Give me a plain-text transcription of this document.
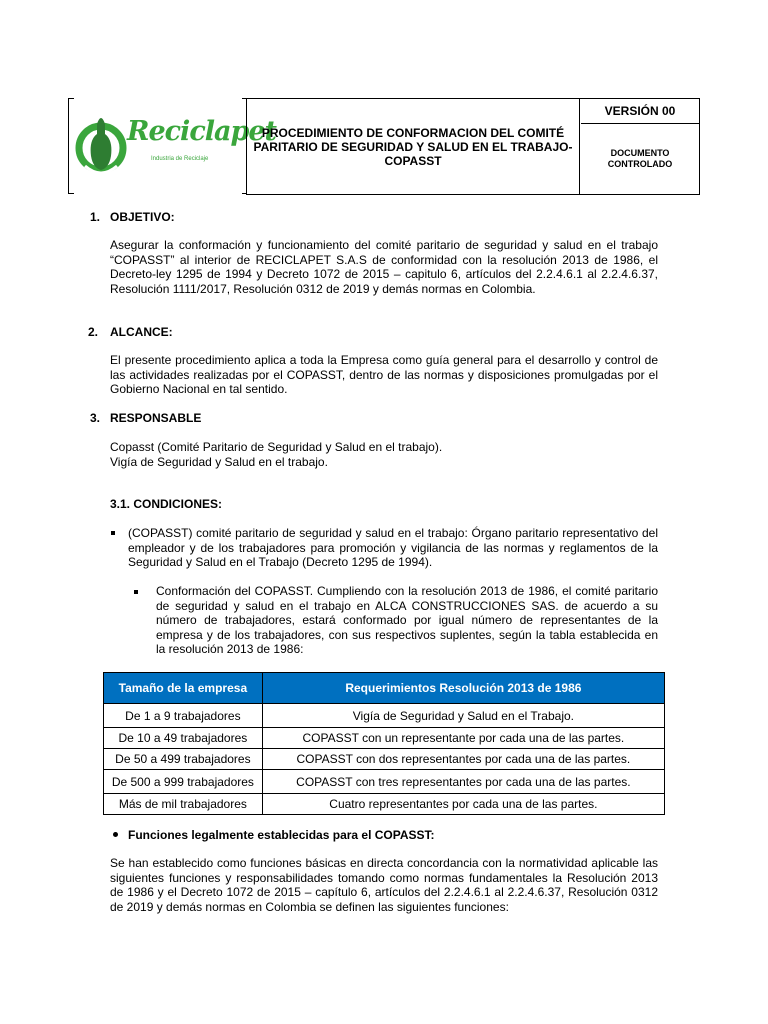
Reciclapet
Industria de Reciclaje
PROCEDIMIENTO DE CONFORMACION DEL COMITÉ PARITARIO DE SEGURIDAD Y SALUD EN EL TRABAJO-COPASST
VERSIÓN 00
DOCUMENTO
CONTROLADO
1. OBJETIVO:
Asegurar la conformación y funcionamiento del comité paritario de seguridad y salud en el trabajo “COPASST” al interior de RECICLAPET S.A.S de conformidad con la resolución 2013 de 1986, el Decreto-ley 1295 de 1994 y Decreto 1072 de 2015 – capitulo 6, artículos del 2.2.4.6.1 al 2.2.4.6.37, Resolución 1111/2017, Resolución 0312 de 2019 y demás normas en Colombia.
2. ALCANCE:
El presente procedimiento aplica a toda la Empresa como guía general para el desarrollo y control de las actividades realizadas por el COPASST, dentro de las normas y disposiciones promulgadas por el Gobierno Nacional en tal sentido.
3. RESPONSABLE
Copasst (Comité Paritario de Seguridad y Salud en el trabajo).
Vigía de Seguridad y Salud en el trabajo.
3.1. CONDICIONES:
(COPASST) comité paritario de seguridad y salud en el trabajo: Órgano paritario representativo del empleador y de los trabajadores para promoción y vigilancia de las normas y reglamentos de la Seguridad y Salud en el Trabajo (Decreto 1295 de 1994).
Conformación del COPASST. Cumpliendo con la resolución 2013 de 1986, el comité paritario de seguridad y salud en el trabajo en ALCA CONSTRUCCIONES SAS. de acuerdo a su número de trabajadores, estará conformado por igual número de representantes de la empresa y de los trabajadores, con sus respectivos suplentes, según la tabla establecida en la resolución 2013 de 1986:
Tamaño de la empresa	Requerimientos Resolución 2013 de 1986
De 1 a 9 trabajadores	Vigía de Seguridad y Salud en el Trabajo.
De 10 a 49 trabajadores	COPASST con un representante por cada una de las partes.
De 50 a 499 trabajadores	COPASST con dos representantes por cada una de las partes.
De 500 a 999 trabajadores	COPASST con tres representantes por cada una de las partes.
Más de mil trabajadores	Cuatro representantes por cada una de las partes.
Funciones legalmente establecidas para el COPASST:
Se han establecido como funciones básicas en directa concordancia con la normatividad aplicable las siguientes funciones y responsabilidades tomando como normas fundamentales la Resolución 2013 de 1986 y el Decreto 1072 de 2015 – capítulo 6, artículos del 2.2.4.6.1 al 2.2.4.6.37, Resolución 0312 de 2019 y demás normas en Colombia se definen las siguientes funciones:
